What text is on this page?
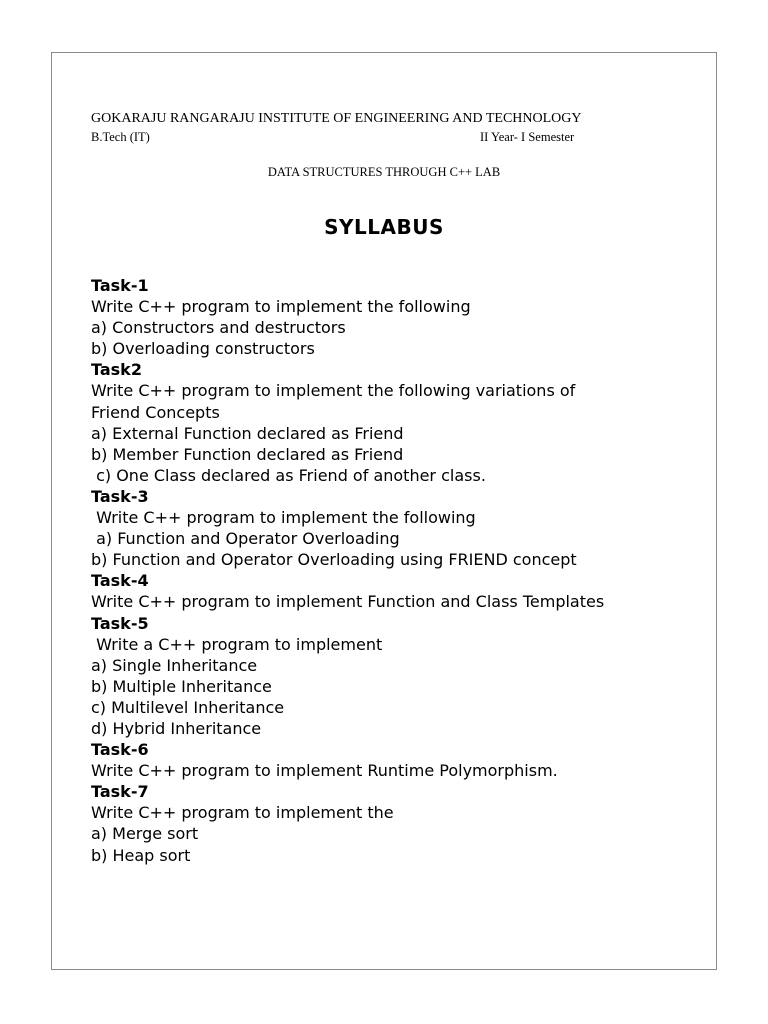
GOKARAJU RANGARAJU INSTITUTE OF ENGINEERING AND TECHNOLOGY
B.Tech (IT)	II Year- I Semester
DATA STRUCTURES THROUGH C++ LAB
SYLLABUS
Task-1
Write C++ program to implement the following
a) Constructors and destructors
b) Overloading constructors
Task2
Write C++ program to implement the following variations of
Friend Concepts
a) External Function declared as Friend
b) Member Function declared as Friend
c) One Class declared as Friend of another class.
Task-3
Write C++ program to implement the following
a) Function and Operator Overloading
b) Function and Operator Overloading using FRIEND concept
Task-4
Write C++ program to implement Function and Class Templates
Task-5
Write a C++ program to implement
a) Single Inheritance
b) Multiple Inheritance
c) Multilevel Inheritance
d) Hybrid Inheritance
Task-6
Write C++ program to implement Runtime Polymorphism.
Task-7
Write C++ program to implement the
a) Merge sort
b) Heap sort
